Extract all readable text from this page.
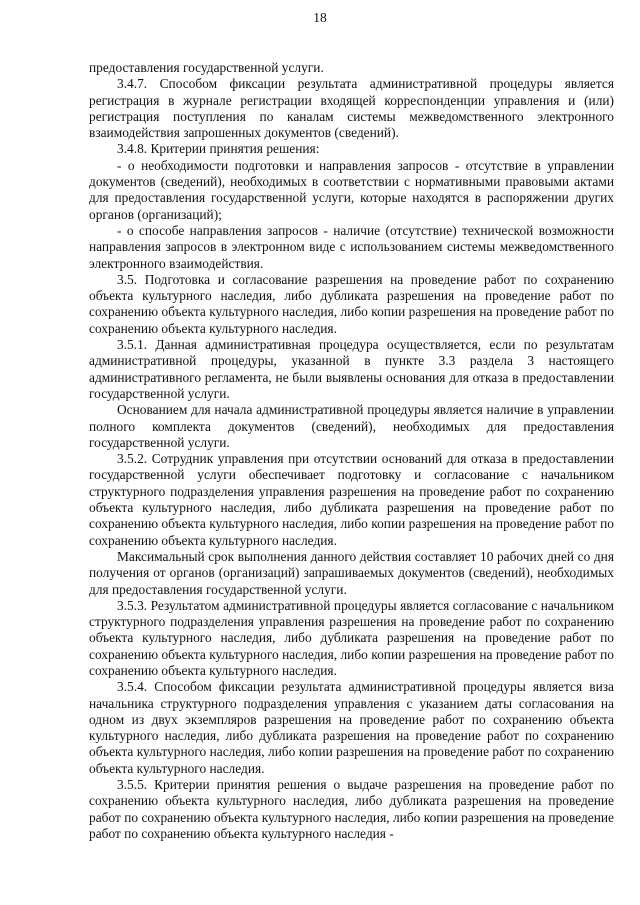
18

предоставления государственной услуги.

3.4.7. Способом фиксации результата административной процедуры является регистрация в журнале регистрации входящей корреспонденции управления и (или) регистрация поступления по каналам системы межведомственного электронного взаимодействия запрошенных документов (сведений).

3.4.8. Критерии принятия решения:

- о необходимости подготовки и направления запросов - отсутствие в управлении документов (сведений), необходимых в соответствии с нормативными правовыми актами для предоставления государственной услуги, которые находятся в распоряжении других органов (организаций);

- о способе направления запросов - наличие (отсутствие) технической возможности направления запросов в электронном виде с использованием системы межведомственного электронного взаимодействия.

3.5. Подготовка и согласование разрешения на проведение работ по сохранению объекта культурного наследия, либо дубликата разрешения на проведение работ по сохранению объекта культурного наследия, либо копии разрешения на проведение работ по сохранению объекта культурного наследия.

3.5.1. Данная административная процедура осуществляется, если по результатам административной процедуры, указанной в пункте 3.3 раздела 3 настоящего административного регламента, не были выявлены основания для отказа в предоставлении государственной услуги.

Основанием для начала административной процедуры является наличие в управлении полного комплекта документов (сведений), необходимых для предоставления государственной услуги.

3.5.2. Сотрудник управления при отсутствии оснований для отказа в предоставлении государственной услуги обеспечивает подготовку и согласование с начальником структурного подразделения управления разрешения на проведение работ по сохранению объекта культурного наследия, либо дубликата разрешения на проведение работ по сохранению объекта культурного наследия, либо копии разрешения на проведение работ по сохранению объекта культурного наследия.

Максимальный срок выполнения данного действия составляет 10 рабочих дней со дня получения от органов (организаций) запрашиваемых документов (сведений), необходимых для предоставления государственной услуги.

3.5.3. Результатом административной процедуры является согласование с начальником структурного подразделения управления разрешения на проведение работ по сохранению объекта культурного наследия, либо дубликата разрешения на проведение работ по сохранению объекта культурного наследия, либо копии разрешения на проведение работ по сохранению объекта культурного наследия.

3.5.4. Способом фиксации результата административной процедуры является виза начальника структурного подразделения управления с указанием даты согласования на одном из двух экземпляров разрешения на проведение работ по сохранению объекта культурного наследия, либо дубликата разрешения на проведение работ по сохранению объекта культурного наследия, либо копии разрешения на проведение работ по сохранению объекта культурного наследия.

3.5.5. Критерии принятия решения о выдаче разрешения на проведение работ по сохранению объекта культурного наследия, либо дубликата разрешения на проведение работ по сохранению объекта культурного наследия, либо копии разрешения на проведение работ по сохранению объекта культурного наследия -
